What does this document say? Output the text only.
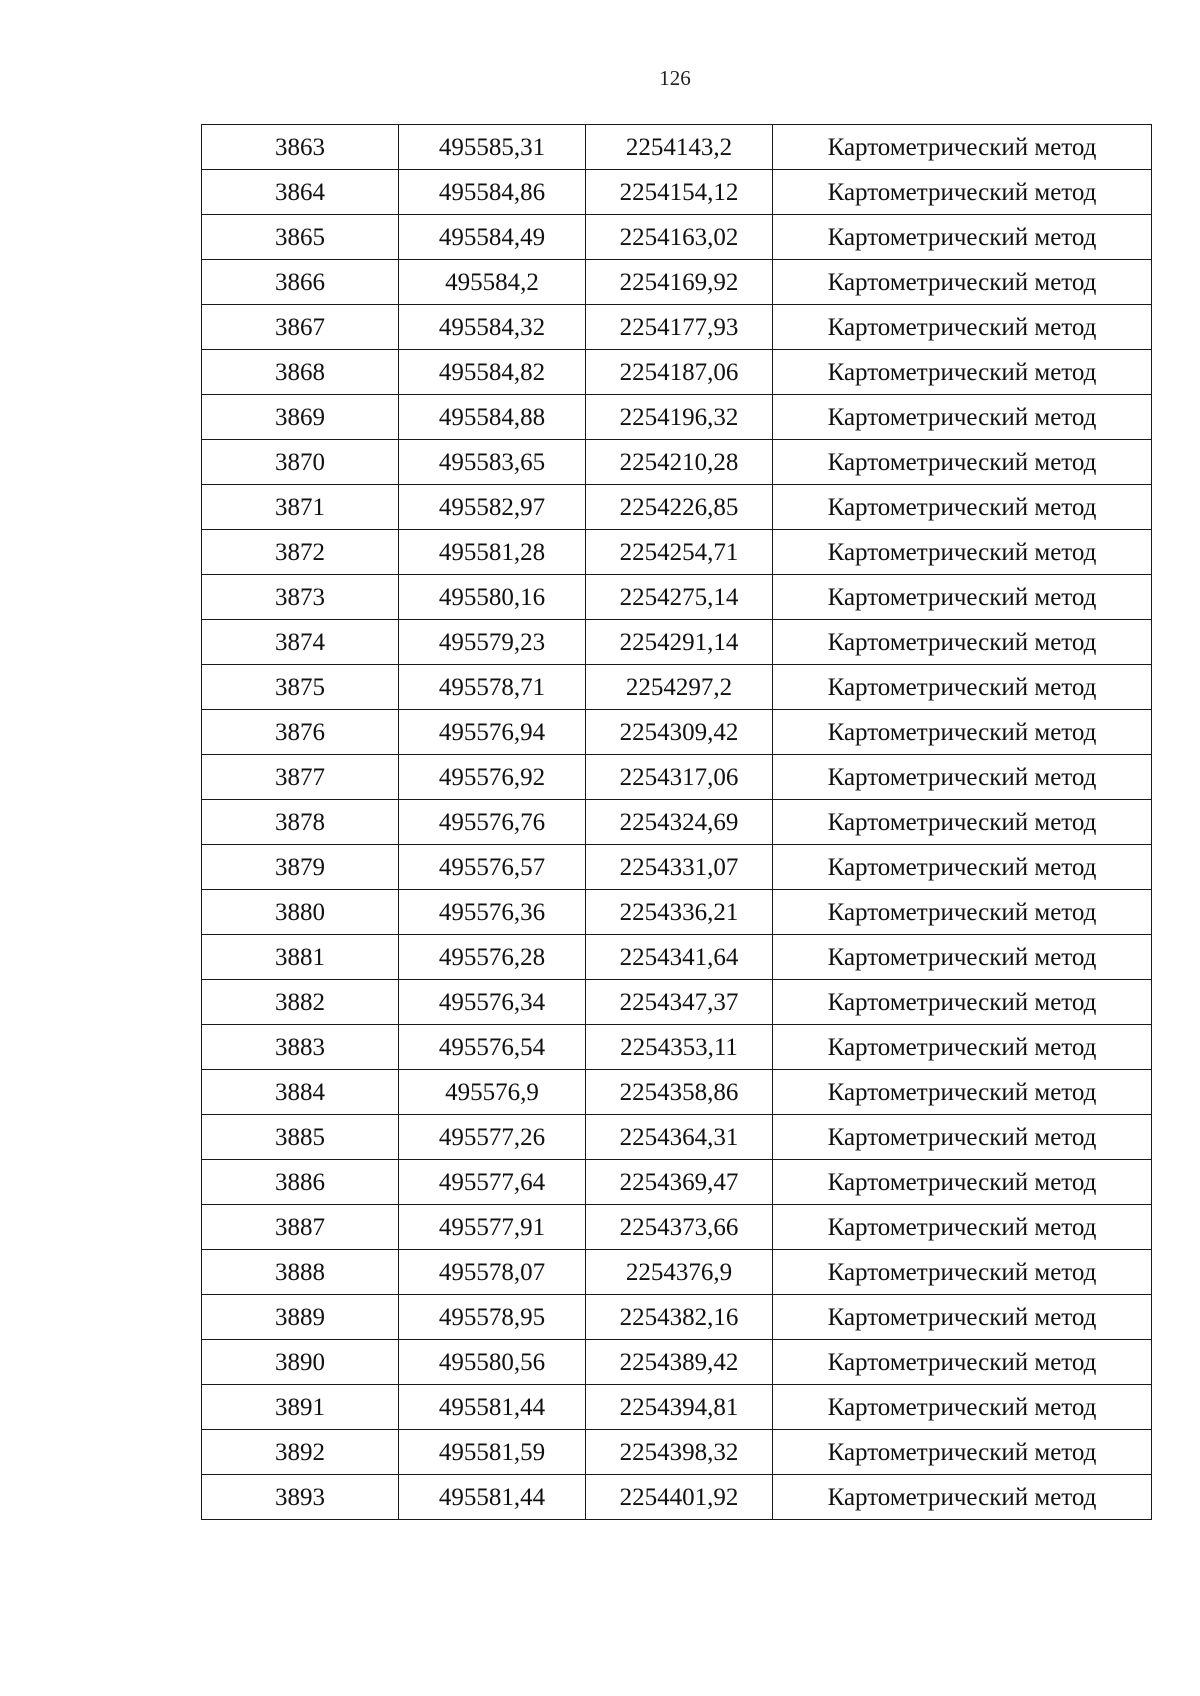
126
3863	495585,31	2254143,2	Картометрический метод
3864	495584,86	2254154,12	Картометрический метод
3865	495584,49	2254163,02	Картометрический метод
3866	495584,2	2254169,92	Картометрический метод
3867	495584,32	2254177,93	Картометрический метод
3868	495584,82	2254187,06	Картометрический метод
3869	495584,88	2254196,32	Картометрический метод
3870	495583,65	2254210,28	Картометрический метод
3871	495582,97	2254226,85	Картометрический метод
3872	495581,28	2254254,71	Картометрический метод
3873	495580,16	2254275,14	Картометрический метод
3874	495579,23	2254291,14	Картометрический метод
3875	495578,71	2254297,2	Картометрический метод
3876	495576,94	2254309,42	Картометрический метод
3877	495576,92	2254317,06	Картометрический метод
3878	495576,76	2254324,69	Картометрический метод
3879	495576,57	2254331,07	Картометрический метод
3880	495576,36	2254336,21	Картометрический метод
3881	495576,28	2254341,64	Картометрический метод
3882	495576,34	2254347,37	Картометрический метод
3883	495576,54	2254353,11	Картометрический метод
3884	495576,9	2254358,86	Картометрический метод
3885	495577,26	2254364,31	Картометрический метод
3886	495577,64	2254369,47	Картометрический метод
3887	495577,91	2254373,66	Картометрический метод
3888	495578,07	2254376,9	Картометрический метод
3889	495578,95	2254382,16	Картометрический метод
3890	495580,56	2254389,42	Картометрический метод
3891	495581,44	2254394,81	Картометрический метод
3892	495581,59	2254398,32	Картометрический метод
3893	495581,44	2254401,92	Картометрический метод
